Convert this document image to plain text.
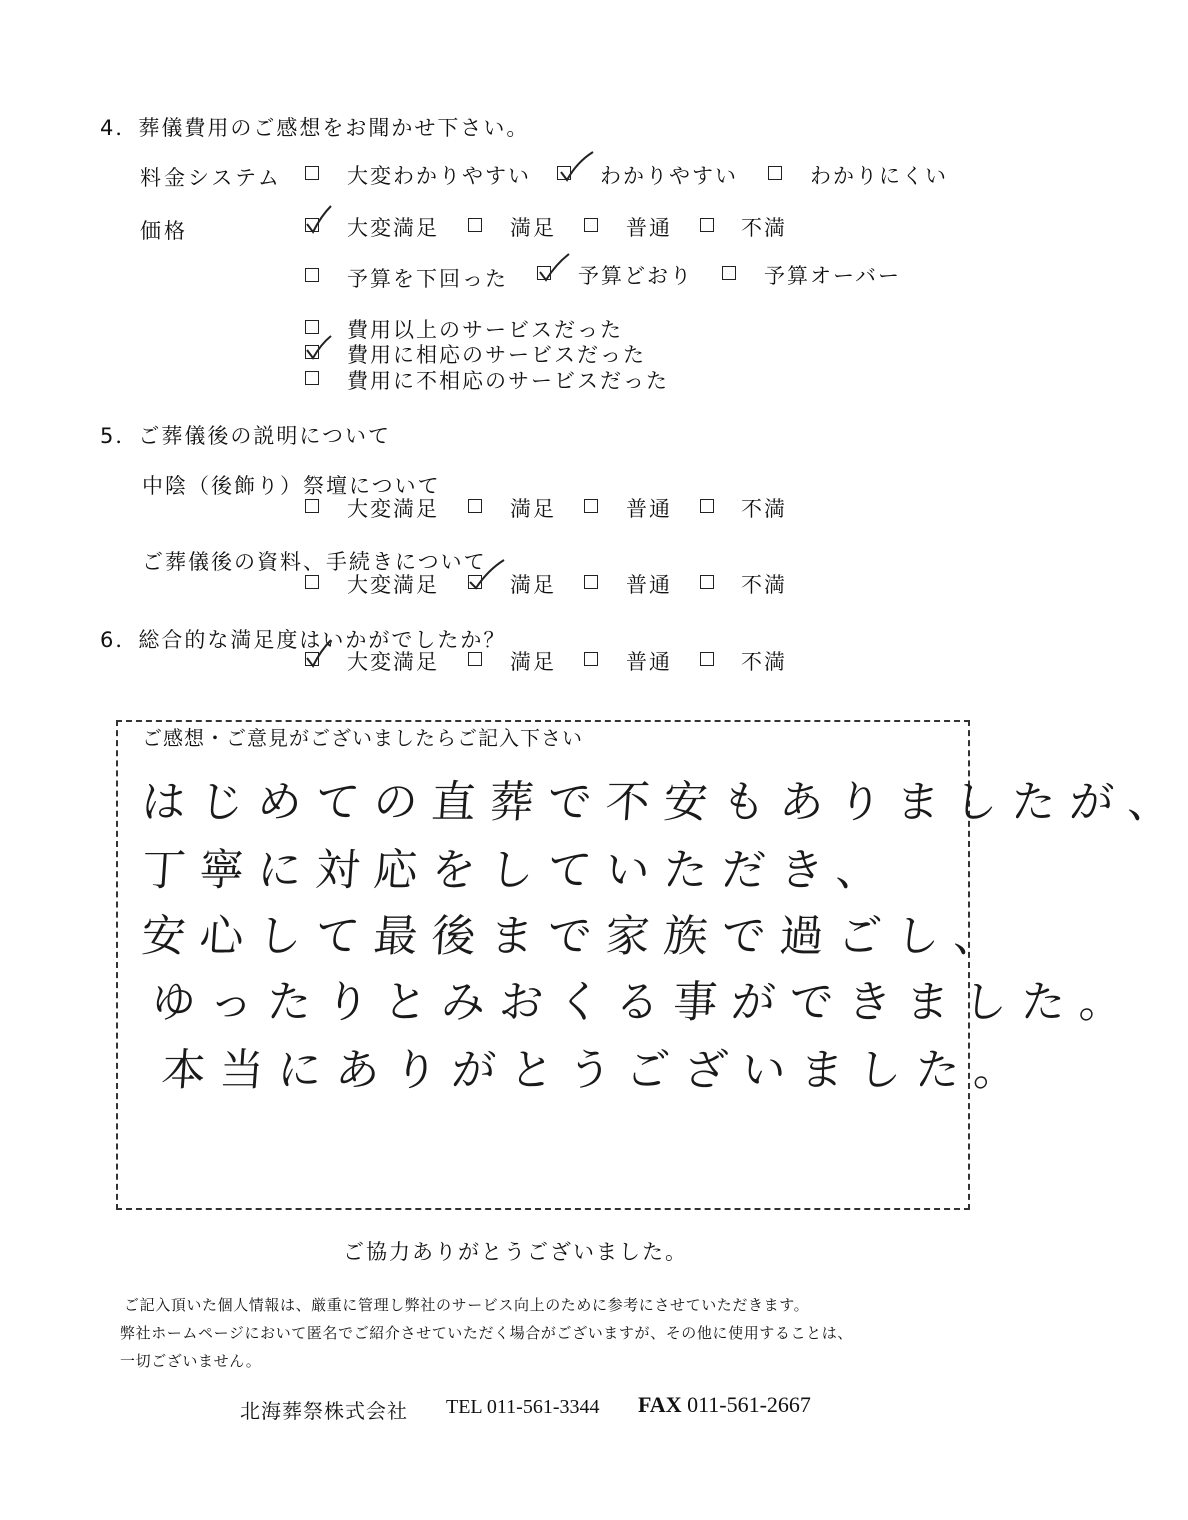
4．葬儀費用のご感想をお聞かせ下さい。
料金システム	大変わかりやすい	わかりやすい	わかりにくい
価格	大変満足	満足	普通	不満
予算を下回った	予算どおり	予算オーバー
費用以上のサービスだった
費用に相応のサービスだった
費用に不相応のサービスだった
5．ご葬儀後の説明について
中陰（後飾り）祭壇について
大変満足	満足	普通	不満
ご葬儀後の資料、手続きについて
大変満足	満足	普通	不満
6．総合的な満足度はいかがでしたか？
大変満足	満足	普通	不満
ご感想・ご意見がございましたらご記入下さい
はじめての直葬で不安もありましたが、
丁寧に対応をしていただき、
安心して最後まで家族で過ごし、
ゆったりとみおくる事ができました。
本当にありがとうございました。
ご協力ありがとうございました。
ご記入頂いた個人情報は、厳重に管理し弊社のサービス向上のために参考にさせていただきます。
弊社ホームページにおいて匿名でご紹介させていただく場合がございますが、その他に使用することは、
一切ございません。
北海葬祭株式会社 TEL 011-561-3344 FAX 011-561-2667
